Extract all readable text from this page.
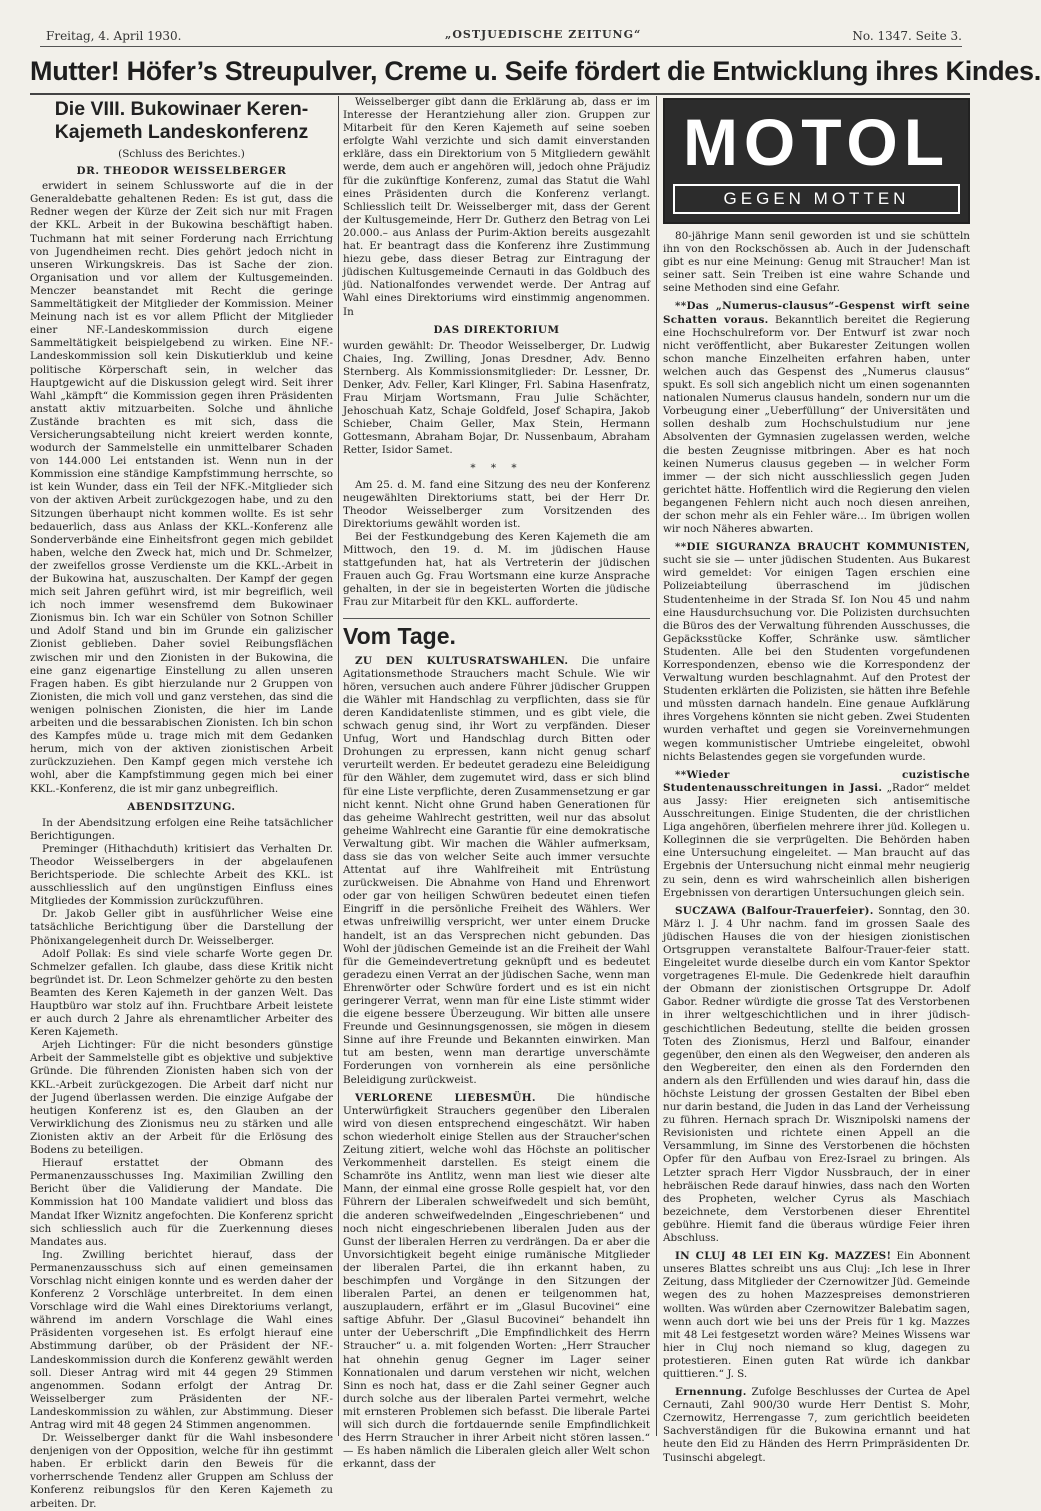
Freitag, 4. April 1930.	„OSTJUEDISCHE ZEITUNG“	No. 1347. Seite 3.
Mutter! Höfer’s Streupulver, Creme u. Seife fördert die Entwicklung ihres Kindes.
Die VIII. Bukowinaer Keren-Kajemeth Landeskonferenz
(Schluss des Berichtes.)
DR. THEODOR WEISSELBERGER

erwidert in seinem Schlussworte auf die in der Generaldebatte gehaltenen Reden: Es ist gut, dass die Redner wegen der Kürze der Zeit sich nur mit Fragen der KKL. Arbeit in der Bukowina beschäftigt haben. Tuchmann hat mit seiner Forderung nach Errichtung von Jugendheimen recht. Dies gehört jedoch nicht in unseren Wirkungskreis. Das ist Sache der zion. Organisation und vor allem der Kultusgemeinden. Menczer beanstandet mit Recht die geringe Sammeltätigkeit der Mitglieder der Kommission. Meiner Meinung nach ist es vor allem Pflicht der Mitglieder einer NF.-Landeskommission durch eigene Sammeltätigkeit beispielgebend zu wirken. Eine NF.-Landeskommission soll kein Diskutierklub und keine politische Körperschaft sein, in welcher das Hauptgewicht auf die Diskussion gelegt wird. Seit ihrer Wahl „kämpft“ die Kommission gegen ihren Präsidenten anstatt aktiv mitzuarbeiten. Solche und ähnliche Zustände brachten es mit sich, dass die Versicherungsabteilung nicht kreiert werden konnte, wodurch der Sammelstelle ein unmittelbarer Schaden von 144.000 Lei entstanden ist. Wenn nun in der Kommission eine ständige Kampfstimmung herrschte, so ist kein Wunder, dass ein Teil der NFK.-Mitglieder sich von der aktiven Arbeit zurückgezogen habe, und zu den Sitzungen überhaupt nicht kommen wollte. Es ist sehr bedauerlich, dass aus Anlass der KKL.-Konferenz alle Sonderverbände eine Einheitsfront gegen mich gebildet haben, welche den Zweck hat, mich und Dr. Schmelzer, der zweifellos grosse Verdienste um die KKL.-Arbeit in der Bukowina hat, auszuschalten. Der Kampf der gegen mich seit Jahren geführt wird, ist mir begreiflich, weil ich noch immer wesensfremd dem Bukowinaer Zionismus bin. Ich war ein Schüler von Sotnon Schiller und Adolf Stand und bin im Grunde ein galizischer Zionist geblieben. Daher soviel Reibungsflächen zwischen mir und den Zionisten in der Bukowina, die eine ganz eigenartige Einstellung zu allen unseren Fragen haben. Es gibt hierzulande nur 2 Gruppen von Zionisten, die mich voll und ganz verstehen, das sind die wenigen polnischen Zionisten, die hier im Lande arbeiten und die bessarabischen Zionisten. Ich bin schon des Kampfes müde u. trage mich mit dem Gedanken herum, mich von der aktiven zionistischen Arbeit zurückzuziehen. Den Kampf gegen mich verstehe ich wohl, aber die Kampfstimmung gegen mich bei einer KKL.-Konferenz, die ist mir ganz unbegreiflich.

ABENDSITZUNG.

In der Abendsitzung erfolgen eine Reihe tatsächlicher Berichtigungen.

Preminger (Hithachduth) kritisiert das Verhalten Dr. Theodor Weisselbergers in der abgelaufenen Berichtsperiode. Die schlechte Arbeit des KKL. ist ausschliesslich auf den ungünstigen Einfluss eines Mitgliedes der Kommission zurückzuführen.

Dr. Jakob Geller gibt in ausführlicher Weise eine tatsächliche Berichtigung über die Darstellung der Phönixangelegenheit durch Dr. Weisselberger.

Adolf Pollak: Es sind viele scharfe Worte gegen Dr. Schmelzer gefallen. Ich glaube, dass diese Kritik nicht begründet ist. Dr. Leon Schmelzer gehörte zu den besten Beamten des Keren Kajemeth in der ganzen Welt. Das Hauptbüro war stolz auf ihn. Fruchtbare Arbeit leistete er auch durch 2 Jahre als ehrenamtlicher Arbeiter des Keren Kajemeth.

Arjeh Lichtinger: Für die nicht besonders günstige Arbeit der Sammelstelle gibt es objektive und subjektive Gründe. Die führenden Zionisten haben sich von der KKL.-Arbeit zurückgezogen. Die Arbeit darf nicht nur der Jugend überlassen werden. Die einzige Aufgabe der heutigen Konferenz ist es, den Glauben an der Verwirklichung des Zionismus neu zu stärken und alle Zionisten aktiv an der Arbeit für die Erlösung des Bodens zu beteiligen.

Hierauf erstattet der Obmann des Permanenzausschusses Ing. Maximilian Zwilling den Bericht über die Validierung der Mandate. Die Kommission hat 100 Mandate validiert und bloss das Mandat Ifker Wiznitz angefochten. Die Konferenz spricht sich schliesslich auch für die Zuerkennung dieses Mandates aus.

Ing. Zwilling berichtet hierauf, dass der Permanenzausschuss sich auf einen gemeinsamen Vorschlag nicht einigen konnte und es werden daher der Konferenz 2 Vorschläge unterbreitet. In dem einen Vorschlage wird die Wahl eines Direktoriums verlangt, während im andern Vorschlage die Wahl eines Präsidenten vorgesehen ist. Es erfolgt hierauf eine Abstimmung darüber, ob der Präsident der NF.-Landeskommission durch die Konferenz gewählt werden soll. Dieser Antrag wird mit 44 gegen 29 Stimmen angenommen. Sodann erfolgt der Antrag Dr. Weisselberger zum Präsidenten der NF.-Landeskommission zu wählen, zur Abstimmung. Dieser Antrag wird mit 48 gegen 24 Stimmen angenommen.

Dr. Weisselberger dankt für die Wahl insbesondere denjenigen von der Opposition, welche für ihn gestimmt haben. Er erblickt darin den Beweis für die vorherrschende Tendenz aller Gruppen am Schluss der Konferenz reibungslos für den Keren Kajemeth zu arbeiten. Dr.

Weisselberger gibt dann die Erklärung ab, dass er im Interesse der Herantziehung aller zion. Gruppen zur Mitarbeit für den Keren Kajemeth auf seine soeben erfolgte Wahl verzichte und sich damit einverstanden erkläre, dass ein Direktorium von 5 Mitgliedern gewählt werde, dem auch er angehören will, jedoch ohne Präjudiz für die zukünftige Konferenz, zumal das Statut die Wahl eines Präsidenten durch die Konferenz verlangt. Schliesslich teilt Dr. Weisselberger mit, dass der Gerent der Kultusgemeinde, Herr Dr. Gutherz den Betrag von Lei 20.000.– aus Anlass der Purim-Aktion bereits ausgezahlt hat. Er beantragt dass die Konferenz ihre Zustimmung hiezu gebe, dass dieser Betrag zur Eintragung der jüdischen Kultusgemeinde Cernauti in das Goldbuch des jüd. Nationalfondes verwendet werde. Der Antrag auf Wahl eines Direktoriums wird einstimmig angenommen. In

DAS DIREKTORIUM

wurden gewählt: Dr. Theodor Weisselberger, Dr. Ludwig Chaies, Ing. Zwilling, Jonas Dresdner, Adv. Benno Sternberg. Als Kommissionsmitglieder: Dr. Lessner, Dr. Denker, Adv. Feller, Karl Klinger, Frl. Sabina Hasenfratz, Frau Mirjam Wortsmann, Frau Julie Schächter, Jehoschuah Katz, Schaje Goldfeld, Josef Schapira, Jakob Schieber, Chaim Geller, Max Stein, Hermann Gottesmann, Abraham Bojar, Dr. Nussenbaum, Abraham Retter, Isidor Samet.

* * *

Am 25. d. M. fand eine Sitzung des neu der Konferenz neugewählten Direktoriums statt, bei der Herr Dr. Theodor Weisselberger zum Vorsitzenden des Direktoriums gewählt worden ist.

Bei der Festkundgebung des Keren Kajemeth die am Mittwoch, den 19. d. M. im jüdischen Hause stattgefunden hat, hat als Vertreterin der jüdischen Frauen auch Gg. Frau Wortsmann eine kurze Ansprache gehalten, in der sie in begeisterten Worten die jüdische Frau zur Mitarbeit für den KKL. aufforderte.

Vom Tage.

ZU DEN KULTUSRATSWAHLEN. Die unfaire Agitationsmethode Strauchers macht Schule. Wie wir hören, versuchen auch andere Führer jüdischer Gruppen die Wähler mit Handschlag zu verpflichten, dass sie für deren Kandidatenliste stimmen, und es gibt viele, die schwach genug sind, ihr Wort zu verpfänden. Dieser Unfug, Wort und Handschlag durch Bitten oder Drohungen zu erpressen, kann nicht genug scharf verurteilt werden. Er bedeutet geradezu eine Beleidigung für den Wähler, dem zugemutet wird, dass er sich blind für eine Liste verpflichte, deren Zusammensetzung er gar nicht kennt. Nicht ohne Grund haben Generationen für das geheime Wahlrecht gestritten, weil nur das absolut geheime Wahlrecht eine Garantie für eine demokratische Verwaltung gibt. Wir machen die Wähler aufmerksam, dass sie das von welcher Seite auch immer versuchte Attentat auf ihre Wahlfreiheit mit Entrüstung zurückweisen. Die Abnahme von Hand und Ehrenwort oder gar von heiligen Schwüren bedeutet einen tiefen Eingriff in die persönliche Freiheit des Wählers. Wer etwas unfreiwillig verspricht, wer unter einem Drucke handelt, ist an das Versprechen nicht gebunden. Das Wohl der jüdischen Gemeinde ist an die Freiheit der Wahl für die Gemeindevertretung geknüpft und es bedeutet geradezu einen Verrat an der jüdischen Sache, wenn man Ehrenwörter oder Schwüre fordert und es ist ein nicht geringerer Verrat, wenn man für eine Liste stimmt wider die eigene bessere Überzeugung. Wir bitten alle unsere Freunde und Gesinnungsgenossen, sie mögen in diesem Sinne auf ihre Freunde und Bekannten einwirken. Man tut am besten, wenn man derartige unverschämte Forderungen von vornherein als eine persönliche Beleidigung zurückweist.

VERLORENE LIEBESMÜH. Die hündische Unterwürfigkeit Strauchers gegenüber den Liberalen wird von diesen entsprechend eingeschätzt. Wir haben schon wiederholt einige Stellen aus der Straucher'schen Zeitung zitiert, welche wohl das Höchste an politischer Verkommenheit darstellen. Es steigt einem die Schamröte ins Antlitz, wenn man liest wie dieser alte Mann, der einmal eine grosse Rolle gespielt hat, vor den Führern der Liberalen schweifwedelt und sich bemüht, die anderen schweifwedelnden „Eingeschriebenen“ und noch nicht eingeschriebenen liberalen Juden aus der Gunst der liberalen Herren zu verdrängen. Da er aber die Unvorsichtigkeit begeht einige rumänische Mitglieder der liberalen Partei, die ihn erkannt haben, zu beschimpfen und Vorgänge in den Sitzungen der liberalen Partei, an denen er teilgenommen hat, auszuplaudern, erfährt er im „Glasul Bucovinei“ eine saftige Abfuhr. Der „Glasul Bucovinei“ behandelt ihn unter der Ueberschrift „Die Empfindlichkeit des Herrn Straucher“ u. a. mit folgenden Worten: „Herr Straucher hat ohnehin genug Gegner im Lager seiner Konnationalen und darum verstehen wir nicht, welchen Sinn es noch hat, dass er die Zahl seiner Gegner auch durch solche aus der liberalen Partei vermehrt, welche mit ernsteren Problemen sich befasst. Die liberale Partei will sich durch die fortdauernde senile Empfindlichkeit des Herrn Straucher in ihrer Arbeit nicht stören lassen.“ — Es haben nämlich die Liberalen gleich aller Welt schon erkannt, dass der

MOTOL
GEGEN MOTTEN

80-jährige Mann senil geworden ist und sie schütteln ihn von den Rockschössen ab. Auch in der Judenschaft gibt es nur eine Meinung: Genug mit Straucher! Man ist seiner satt. Sein Treiben ist eine wahre Schande und seine Methoden sind eine Gefahr.

**Das „Numerus-clausus“-Gespenst wirft seine Schatten voraus. Bekanntlich bereitet die Regierung eine Hochschulreform vor. Der Entwurf ist zwar noch nicht veröffentlicht, aber Bukarester Zeitungen wollen schon manche Einzelheiten erfahren haben, unter welchen auch das Gespenst des „Numerus clausus“ spukt. Es soll sich angeblich nicht um einen sogenannten nationalen Numerus clausus handeln, sondern nur um die Vorbeugung einer „Ueberfüllung“ der Universitäten und sollen deshalb zum Hochschulstudium nur jene Absolventen der Gymnasien zugelassen werden, welche die besten Zeugnisse mitbringen. Aber es hat noch keinen Numerus clausus gegeben — in welcher Form immer — der sich nicht ausschliesslich gegen Juden gerichtet hätte. Hoffentlich wird die Regierung den vielen begangenen Fehlern nicht auch noch diesen anreihen, der schon mehr als ein Fehler wäre... Im übrigen wollen wir noch Näheres abwarten.

**DIE SIGURANZA BRAUCHT KOMMUNISTEN, sucht sie sie — unter jüdischen Studenten. Aus Bukarest wird gemeldet: Vor einigen Tagen erschien eine Polizeiabteilung überraschend im jüdischen Studentenheime in der Strada Sf. Ion Nou 45 und nahm eine Hausdurchsuchung vor. Die Polizisten durchsuchten die Büros des der Verwaltung führenden Ausschusses, die Gepäcksstücke Koffer, Schränke usw. sämtlicher Studenten. Alle bei den Studenten vorgefundenen Korrespondenzen, ebenso wie die Korrespondenz der Verwaltung wurden beschlagnahmt. Auf den Protest der Studenten erklärten die Polizisten, sie hätten ihre Befehle und müssten darnach handeln. Eine genaue Aufklärung ihres Vorgehens könnten sie nicht geben. Zwei Studenten wurden verhaftet und gegen sie Voreinvernehmungen wegen kommunistischer Umtriebe eingeleitet, obwohl nichts Belastendes gegen sie vorgefunden wurde.

**Wieder cuzistische Studentenausschreitungen in Jassi. „Rador“ meldet aus Jassy: Hier ereigneten sich antisemitische Ausschreitungen. Einige Studenten, die der christlichen Liga angehören, überfielen mehrere ihrer jüd. Kollegen u. Kolleginnen die sie verprügelten. Die Behörden haben eine Untersuchung eingeleitet. — Man braucht auf das Ergebnis der Untersuchung nicht einmal mehr neugierig zu sein, denn es wird wahrscheinlich allen bisherigen Ergebnissen von derartigen Untersuchungen gleich sein.

SUCZAWA (Balfour-Trauerfeier). Sonntag, den 30. März l. J. 4 Uhr nachm. fand im grossen Saale des jüdischen Hauses die von der hiesigen zionistischen Ortsgruppen veranstaltete Balfour-Trauer-feier statt. Eingeleitet wurde dieselbe durch ein vom Kantor Spektor vorgetragenes El-mule. Die Gedenkrede hielt daraufhin der Obmann der zionistischen Ortsgruppe Dr. Adolf Gabor. Redner würdigte die grosse Tat des Verstorbenen in ihrer weltgeschichtlichen und in ihrer jüdisch-geschichtlichen Bedeutung, stellte die beiden grossen Toten des Zionismus, Herzl und Balfour, einander gegenüber, den einen als den Wegweiser, den anderen als den Wegbereiter, den einen als den Fordernden den andern als den Erfüllenden und wies darauf hin, dass die höchste Leistung der grossen Gestalten der Bibel eben nur darin bestand, die Juden in das Land der Verheissung zu führen. Hernach sprach Dr. Wisznipolski namens der Revisionisten und richtete einen Appell an die Versammlung, im Sinne des Verstorbenen die höchsten Opfer für den Aufbau von Erez-Israel zu bringen. Als Letzter sprach Herr Vigdor Nussbrauch, der in einer hebräischen Rede darauf hinwies, dass nach den Worten des Propheten, welcher Cyrus als Maschiach bezeichnete, dem Verstorbenen dieser Ehrentitel gebühre. Hiemit fand die überaus würdige Feier ihren Abschluss.

IN CLUJ 48 LEI EIN Kg. MAZZES! Ein Abonnent unseres Blattes schreibt uns aus Cluj: „Ich lese in Ihrer Zeitung, dass Mitglieder der Czernowitzer Jüd. Gemeinde wegen des zu hohen Mazzespreises demonstrieren wollten. Was würden aber Czernowitzer Balebatim sagen, wenn auch dort wie bei uns der Preis für 1 kg. Mazzes mit 48 Lei festgesetzt worden wäre? Meines Wissens war hier in Cluj noch niemand so klug, dagegen zu protestieren. Einen guten Rat würde ich dankbar quittieren.“ J. S.

Ernennung. Zufolge Beschlusses der Curtea de Apel Cernauti, Zahl 900/30 wurde Herr Dentist S. Mohr, Czernowitz, Herrengasse 7, zum gerichtlich beeideten Sachverständigen für die Bukowina ernannt und hat heute den Eid zu Händen des Herrn Primpräsidenten Dr. Tusinschi abgelegt.
